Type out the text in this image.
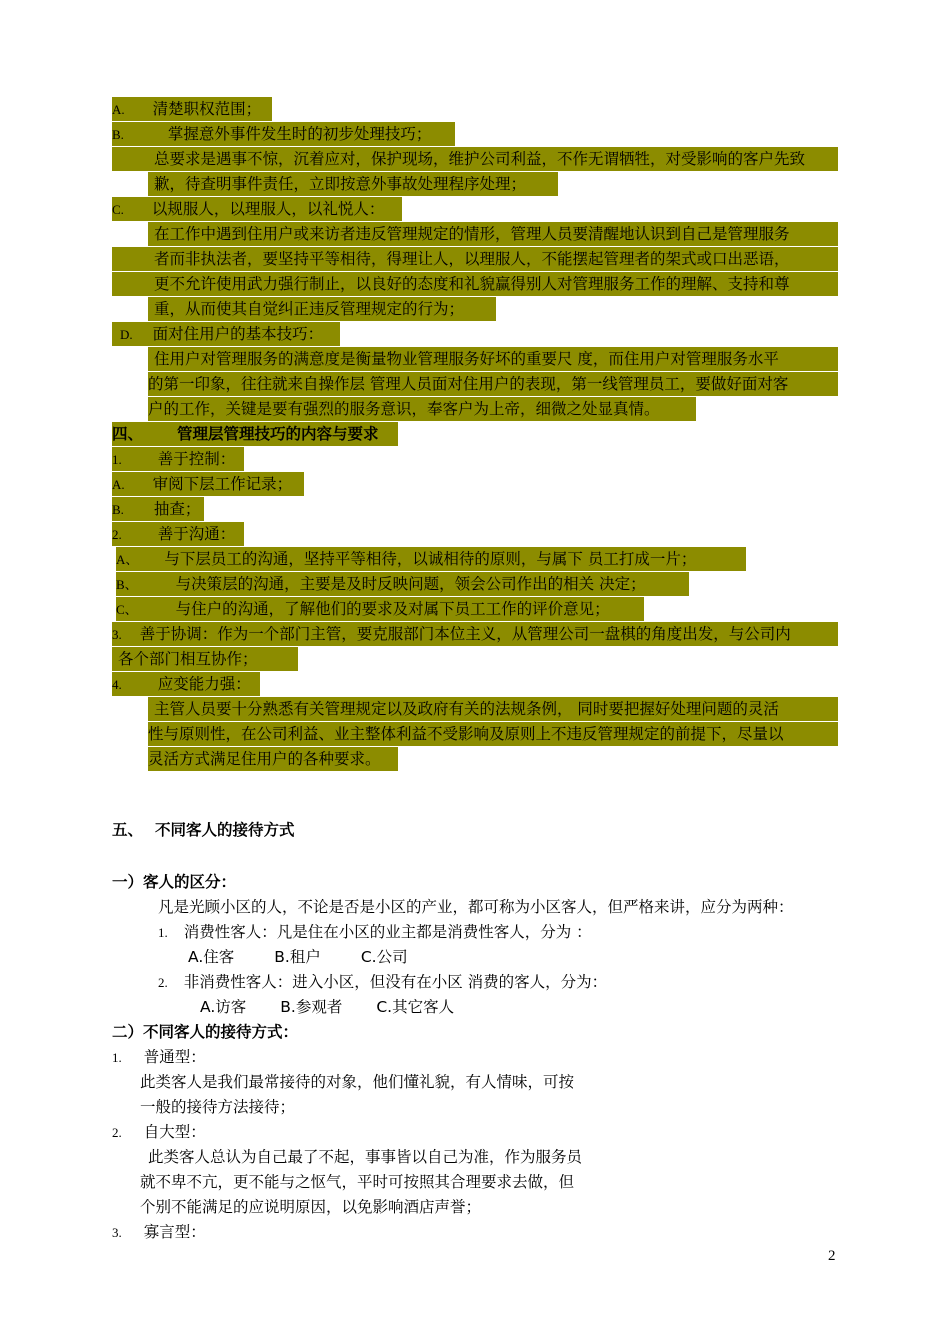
A. 清楚职权范围；
B.	掌握意外事件发生时的初步处理技巧；
总要求是遇事不惊，沉着应对，保护现场，维护公司利益，不作无谓牺牲，对受影响的客户先致
歉，待查明事件责任，立即按意外事故处理程序处理；
C. 以规服人，以理服人，以礼悦人：
在工作中遇到住用户或来访者违反管理规定的情形，管理人员要清醒地认识到自己是管理服务
者而非执法者，要坚持平等相待，得理让人，以理服人，不能摆起管理者的架式或口出恶语，
更不允许使用武力强行制止，以良好的态度和礼貌赢得别人对管理服务工作的理解、支持和尊
重，从而使其自觉纠正违反管理规定的行为；
D. 面对住用户的基本技巧：
住用户对管理服务的满意度是衡量物业管理服务好坏的重要尺 度，而住用户对管理服务水平
的第一印象，往往就来自操作层 管理人员面对住用户的表现，第一线管理员工，要做好面对客
户的工作，关键是要有强烈的服务意识，奉客户为上帝，细微之处显真情。
四、 管理层管理技巧的内容与要求
1. 善于控制：
A. 审阅下层工作记录；
B. 抽查；
2. 善于沟通：
A、 与下层员工的沟通，坚持平等相待，以诚相待的原则，与属下 员工打成一片；
B、 与决策层的沟通，主要是及时反映问题，领会公司作出的相关 决定；
C、 与住户的沟通，了解他们的要求及对属下员工工作的评价意见；
3. 善于协调：作为一个部门主管，要克服部门本位主义，从管理公司一盘棋的角度出发，与公司内
各个部门相互协作；
4. 应变能力强：
主管人员要十分熟悉有关管理规定以及政府有关的法规条例， 同时要把握好处理问题的灵活
性与原则性，在公司利益、业主整体利益不受影响及原则上不违反管理规定的前提下，尽量以
灵活方式满足住用户的各种要求。
五、 不同客人的接待方式
一）客人的区分：
凡是光顾小区的人，不论是否是小区的产业，都可称为小区客人，但严格来讲，应分为两种：
1. 消费性客人：凡是住在小区的业主都是消费性客人，分为 ：
A.住客	B.租户	C.公司
2. 非消费性客人：进入小区，但没有在小区 消费的客人，分为：
A.访客 B.参观者 C.其它客人
二）不同客人的接待方式：
1. 普通型：
此类客人是我们最常接待的对象，他们懂礼貌，有人情味，可按
一般的接待方法接待；
2. 自大型：
此类客人总认为自己最了不起，事事皆以自己为准，作为服务员
就不卑不亢，更不能与之怄气，平时可按照其合理要求去做，但
个别不能满足的应说明原因，以免影响酒店声誉；
3. 寡言型：
2
